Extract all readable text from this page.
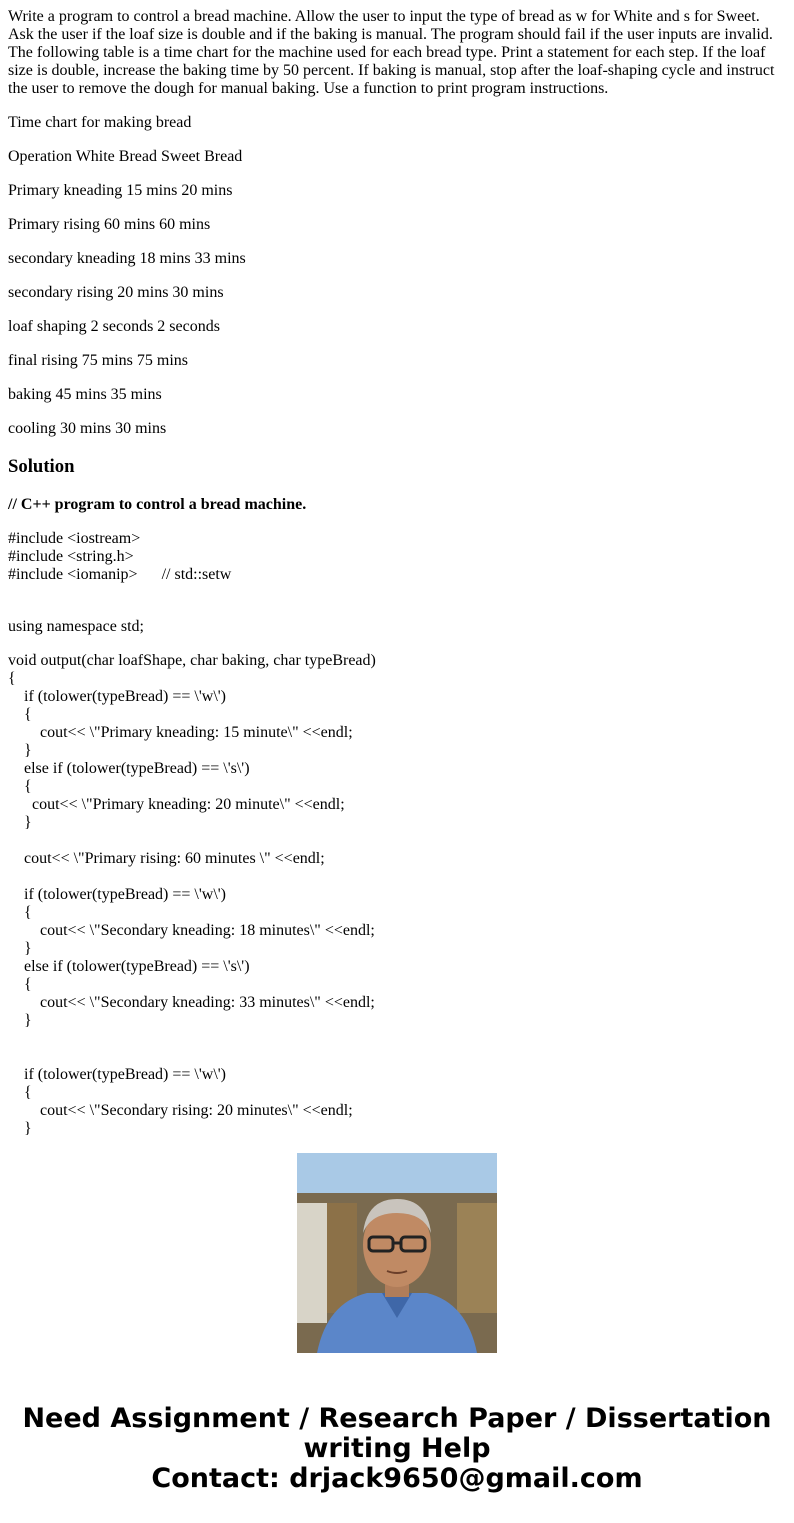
Write a program to control a bread machine. Allow the user to input the type of bread as w for White and s for Sweet. Ask the user if the loaf size is double and if the baking is manual. The program should fail if the user inputs are invalid. The following table is a time chart for the machine used for each bread type. Print a statement for each step. If the loaf size is double, increase the baking time by 50 percent. If baking is manual, stop after the loaf-shaping cycle and instruct the user to remove the dough for manual baking. Use a function to print program instructions.

Time chart for making bread

Operation White Bread Sweet Bread

Primary kneading 15 mins 20 mins

Primary rising 60 mins 60 mins

secondary kneading 18 mins 33 mins

secondary rising 20 mins 30 mins

loaf shaping 2 seconds 2 seconds

final rising 75 mins 75 mins

baking 45 mins 35 mins

cooling 30 mins 30 mins

Solution

// C++ program to control a bread machine.

#include <iostream>
#include <string.h>
#include <iomanip>      // std::setw

using namespace std;

void output(char loafShape, char baking, char typeBread)
{
if (tolower(typeBread) == \'w\')
{
cout<< \"Primary kneading: 15 minute\" <<endl;
}
else if (tolower(typeBread) == \'s\')
{
cout<< \"Primary kneading: 20 minute\" <<endl;
}
cout<< \"Primary rising: 60 minutes \" <<endl;
if (tolower(typeBread) == \'w\')
{
cout<< \"Secondary kneading: 18 minutes\" <<endl;
}
else if (tolower(typeBread) == \'s\')
{
cout<< \"Secondary kneading: 33 minutes\" <<endl;
}
if (tolower(typeBread) == \'w\')
{
cout<< \"Secondary rising: 20 minutes\" <<endl;
}
Need Assignment / Research Paper / Dissertation
writing Help
Contact: drjack9650@gmail.com
